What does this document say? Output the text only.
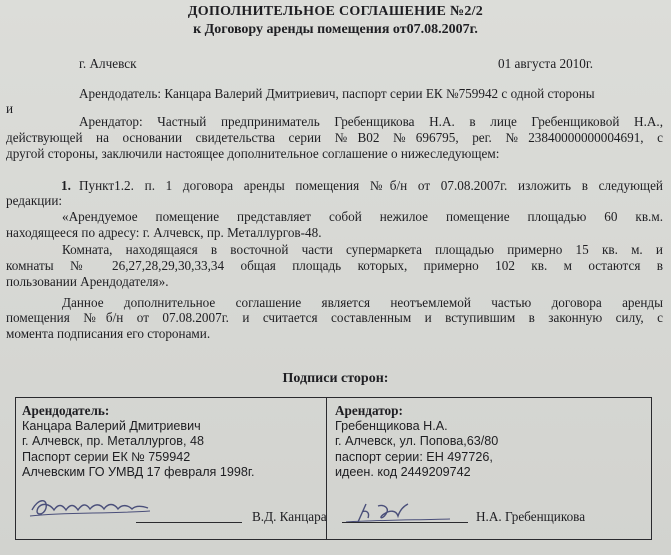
ДОПОЛНИТЕЛЬНОЕ СОГЛАШЕНИЕ №2/2
к Договору аренды помещения от07.08.2007г.
г. Алчевск	01 августа 2010г.
Арендодатель: Канцара Валерий Дмитриевич, паспорт серии ЕК №759942 с одной стороны
и
Арендатор: Частный предприниматель Гребенщикова Н.А. в лице Гребенщиковой Н.А.,
действующей на основании свидетельства серии №В02 №696795, рег. №23840000000004691, с
другой стороны, заключили настоящее дополнительное соглашение о нижеследующем:
1. Пункт1.2. п. 1 договора аренды помещения №б/н от 07.08.2007г. изложить в следующей
редакции:
«Арендуемое помещение представляет собой нежилое помещение площадью 60 кв.м.
находящееся по адресу: г. Алчевск, пр. Металлургов-48.
Комната, находящаяся в восточной части супермаркета площадью примерно 15 кв. м. и
комнаты № 26,27,28,29,30,33,34 общая площадь которых, примерно 102 кв. м остаются в
пользовании Арендодателя».
Данное дополнительное соглашение является неотъемлемой частью договора аренды
помещения №б/н от 07.08.2007г. и считается составленным и вступившим в законную силу, с
момента подписания его сторонами.
Подписи сторон:
Арендодатель:
Канцара Валерий Дмитриевич
г. Алчевск, пр. Металлургов, 48
Паспорт серии ЕК № 759942
Алчевским ГО УМВД 17 февраля 1998г.
В.Д. Канцара
Арендатор:
Гребенщикова Н.А.
г. Алчевск, ул. Попова,63/80
паспорт серии: ЕН 497726,
идеен. код 2449209742
Н.А. Гребенщикова
